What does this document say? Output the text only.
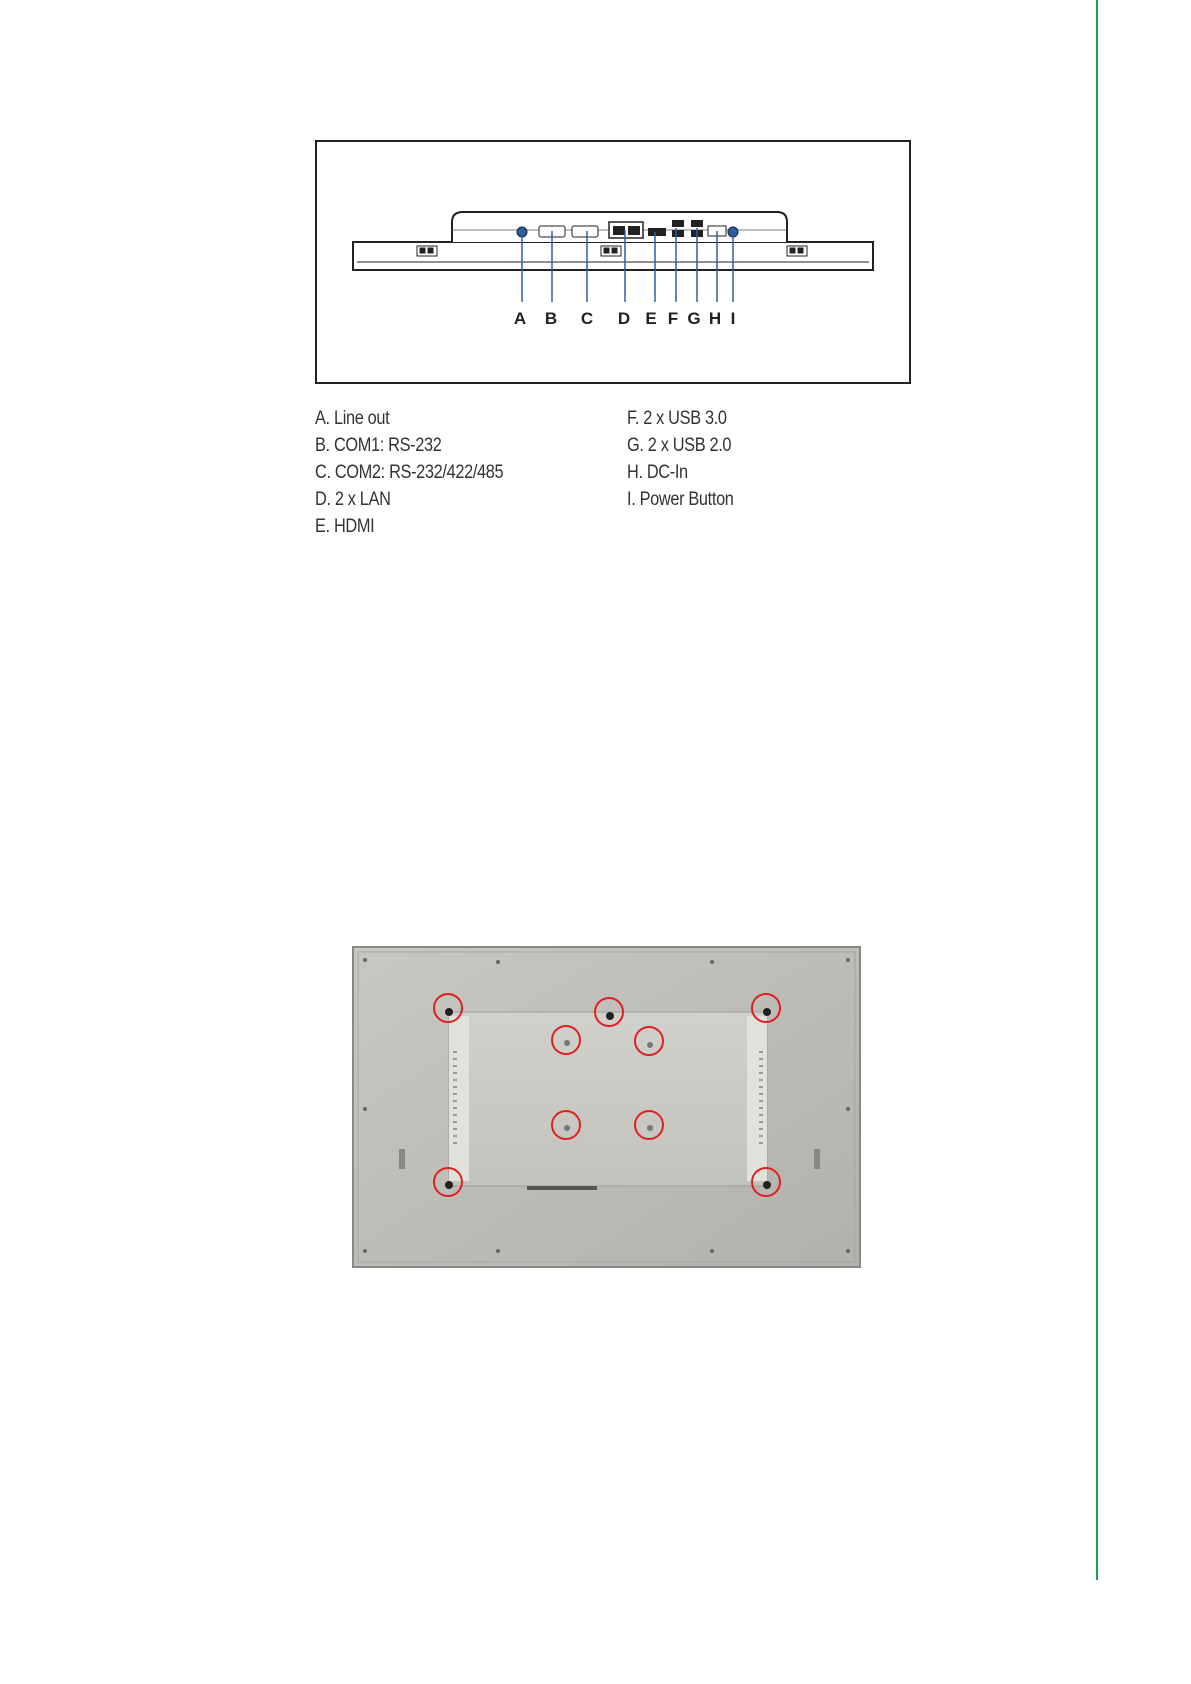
A B C D E F G H I
A. Line out
B. COM1: RS-232
C. COM2: RS-232/422/485
D. 2 x LAN
E. HDMI
F. 2 x USB 3.0
G. 2 x USB 2.0
H. DC-In
I. Power Button
